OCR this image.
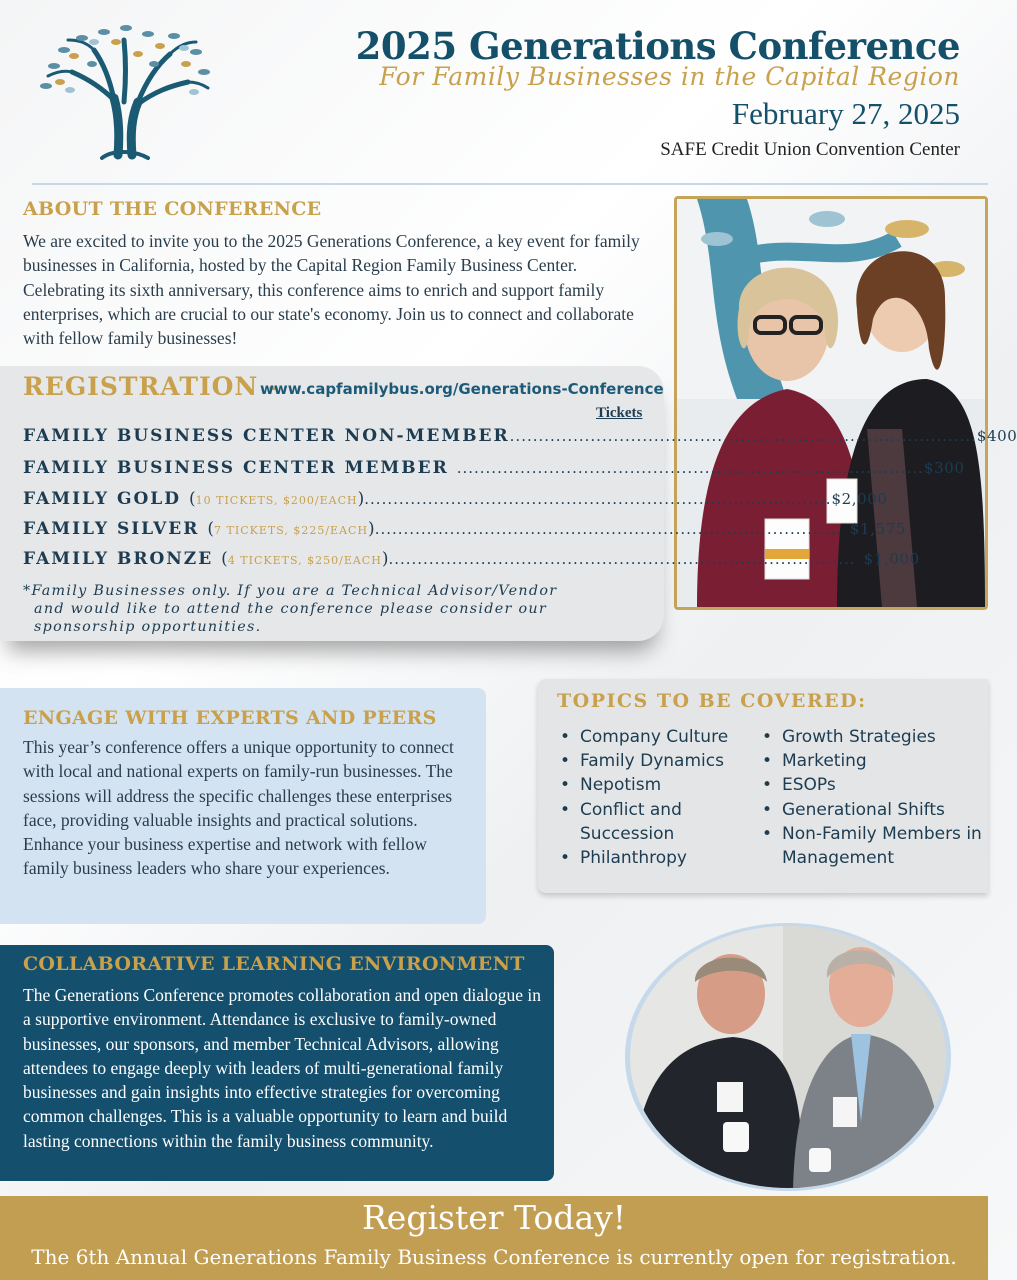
2025 Generations Conference
For Family Businesses in the Capital Region
February 27, 2025
SAFE Credit Union Convention Center
ABOUT THE CONFERENCE
We are excited to invite you to the 2025 Generations Conference, a key event for family businesses in California, hosted by the Capital Region Family Business Center. Celebrating its sixth anniversary, this conference aims to enrich and support family enterprises, which are crucial to our state's economy. Join us to connect and collaborate with fellow family businesses!
REGISTRATION -
www.capfamilybus.org/Generations-Conference
Tickets
FAMILY BUSINESS CENTER NON-MEMBER ................................................................................. $400
FAMILY BUSINESS CENTER MEMBER ................................................................................. $300
FAMILY GOLD ( 10 TICKETS, $200/EACH ) ................................................................................. $2,000
FAMILY SILVER ( 7 TICKETS, $225/EACH ) ................................................................................. $1,575
FAMILY BRONZE ( 4 TICKETS, $250/EACH ) ................................................................................. $1,000
*Family Businesses only. If you are a Technical Advisor/Vendor
and would like to attend the conference please consider our
sponsorship opportunities.
ENGAGE WITH EXPERTS AND PEERS
This year’s conference offers a unique opportunity to connect with local and national experts on family-run businesses. The sessions will address the specific challenges these enterprises face, providing valuable insights and practical solutions. Enhance your business expertise and network with fellow family business leaders who share your experiences.
TOPICS TO BE COVERED:
• Company Culture
• Family Dynamics
• Nepotism
• Conflict and Succession
• Philanthropy
• Growth Strategies
• Marketing
• ESOPs
• Generational Shifts
• Non-Family Members in Management
COLLABORATIVE LEARNING ENVIRONMENT
The Generations Conference promotes collaboration and open dialogue in a supportive environment. Attendance is exclusive to family-owned businesses, our sponsors, and member Technical Advisors, allowing attendees to engage deeply with leaders of multi-generational family businesses and gain insights into effective strategies for overcoming common challenges. This is a valuable opportunity to learn and build lasting connections within the family business community.
Register Today!
The 6th Annual Generations Family Business Conference is currently open for registration.
